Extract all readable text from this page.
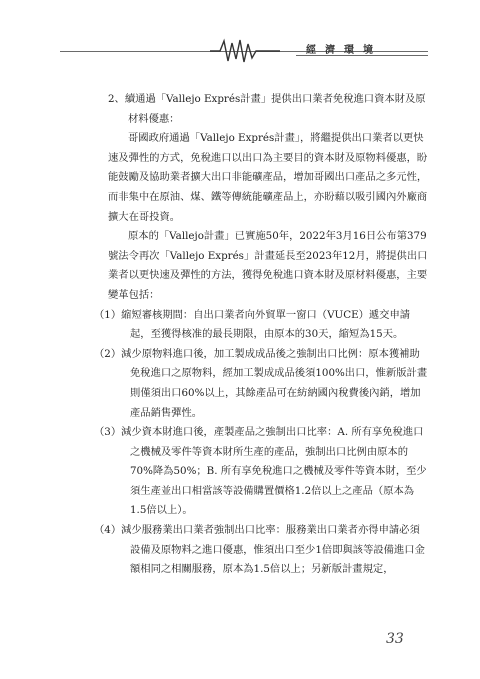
經濟環境

2、續通過「Vallejo Exprés計畫」提供出口業者免稅進口資本財及原材料優惠：

哥國政府通過「Vallejo Exprés計畫」，將繼提供出口業者以更快速及彈性的方式，免稅進口以出口為主要目的資本財及原物料優惠，盼能鼓勵及協助業者擴大出口非能礦產品，增加哥國出口產品之多元性，而非集中在原油、煤、鐵等傳統能礦產品上，亦盼藉以吸引國內外廠商擴大在哥投資。

原本的「Vallejo計畫」已實施50年，2022年3月16日公布第379號法令再次「Vallejo Exprés」計畫延長至2023年12月，將提供出口業者以更快速及彈性的方法，獲得免稅進口資本財及原材料優惠，主要變革包括：

（1）縮短審核期間：自出口業者向外貿單一窗口（VUCE）遞交申請起，至獲得核准的最長期限，由原本的30天，縮短為15天。

（2）減少原物料進口後，加工製成成品後之強制出口比例：原本獲補助免稅進口之原物料，經加工製成成品後須100%出口，惟新版計畫則僅須出口60%以上，其餘產品可在紡納國內稅費後內銷，增加產品銷售彈性。

（3）減少資本財進口後，產製產品之強制出口比率：A. 所有享免稅進口之機械及零件等資本財所生產的產品，強制出口比例由原本的70%降為50%；B. 所有享免稅進口之機械及零件等資本財，至少須生產並出口相當該等設備購置價格1.2倍以上之產品（原本為1.5倍以上）。

（4）減少服務業出口業者強制出口比率：服務業出口業者亦得申請必須設備及原物料之進口優惠，惟須出口至少1倍即與該等設備進口金額相同之相關服務，原本為1.5倍以上；另新版計畫規定，

33
